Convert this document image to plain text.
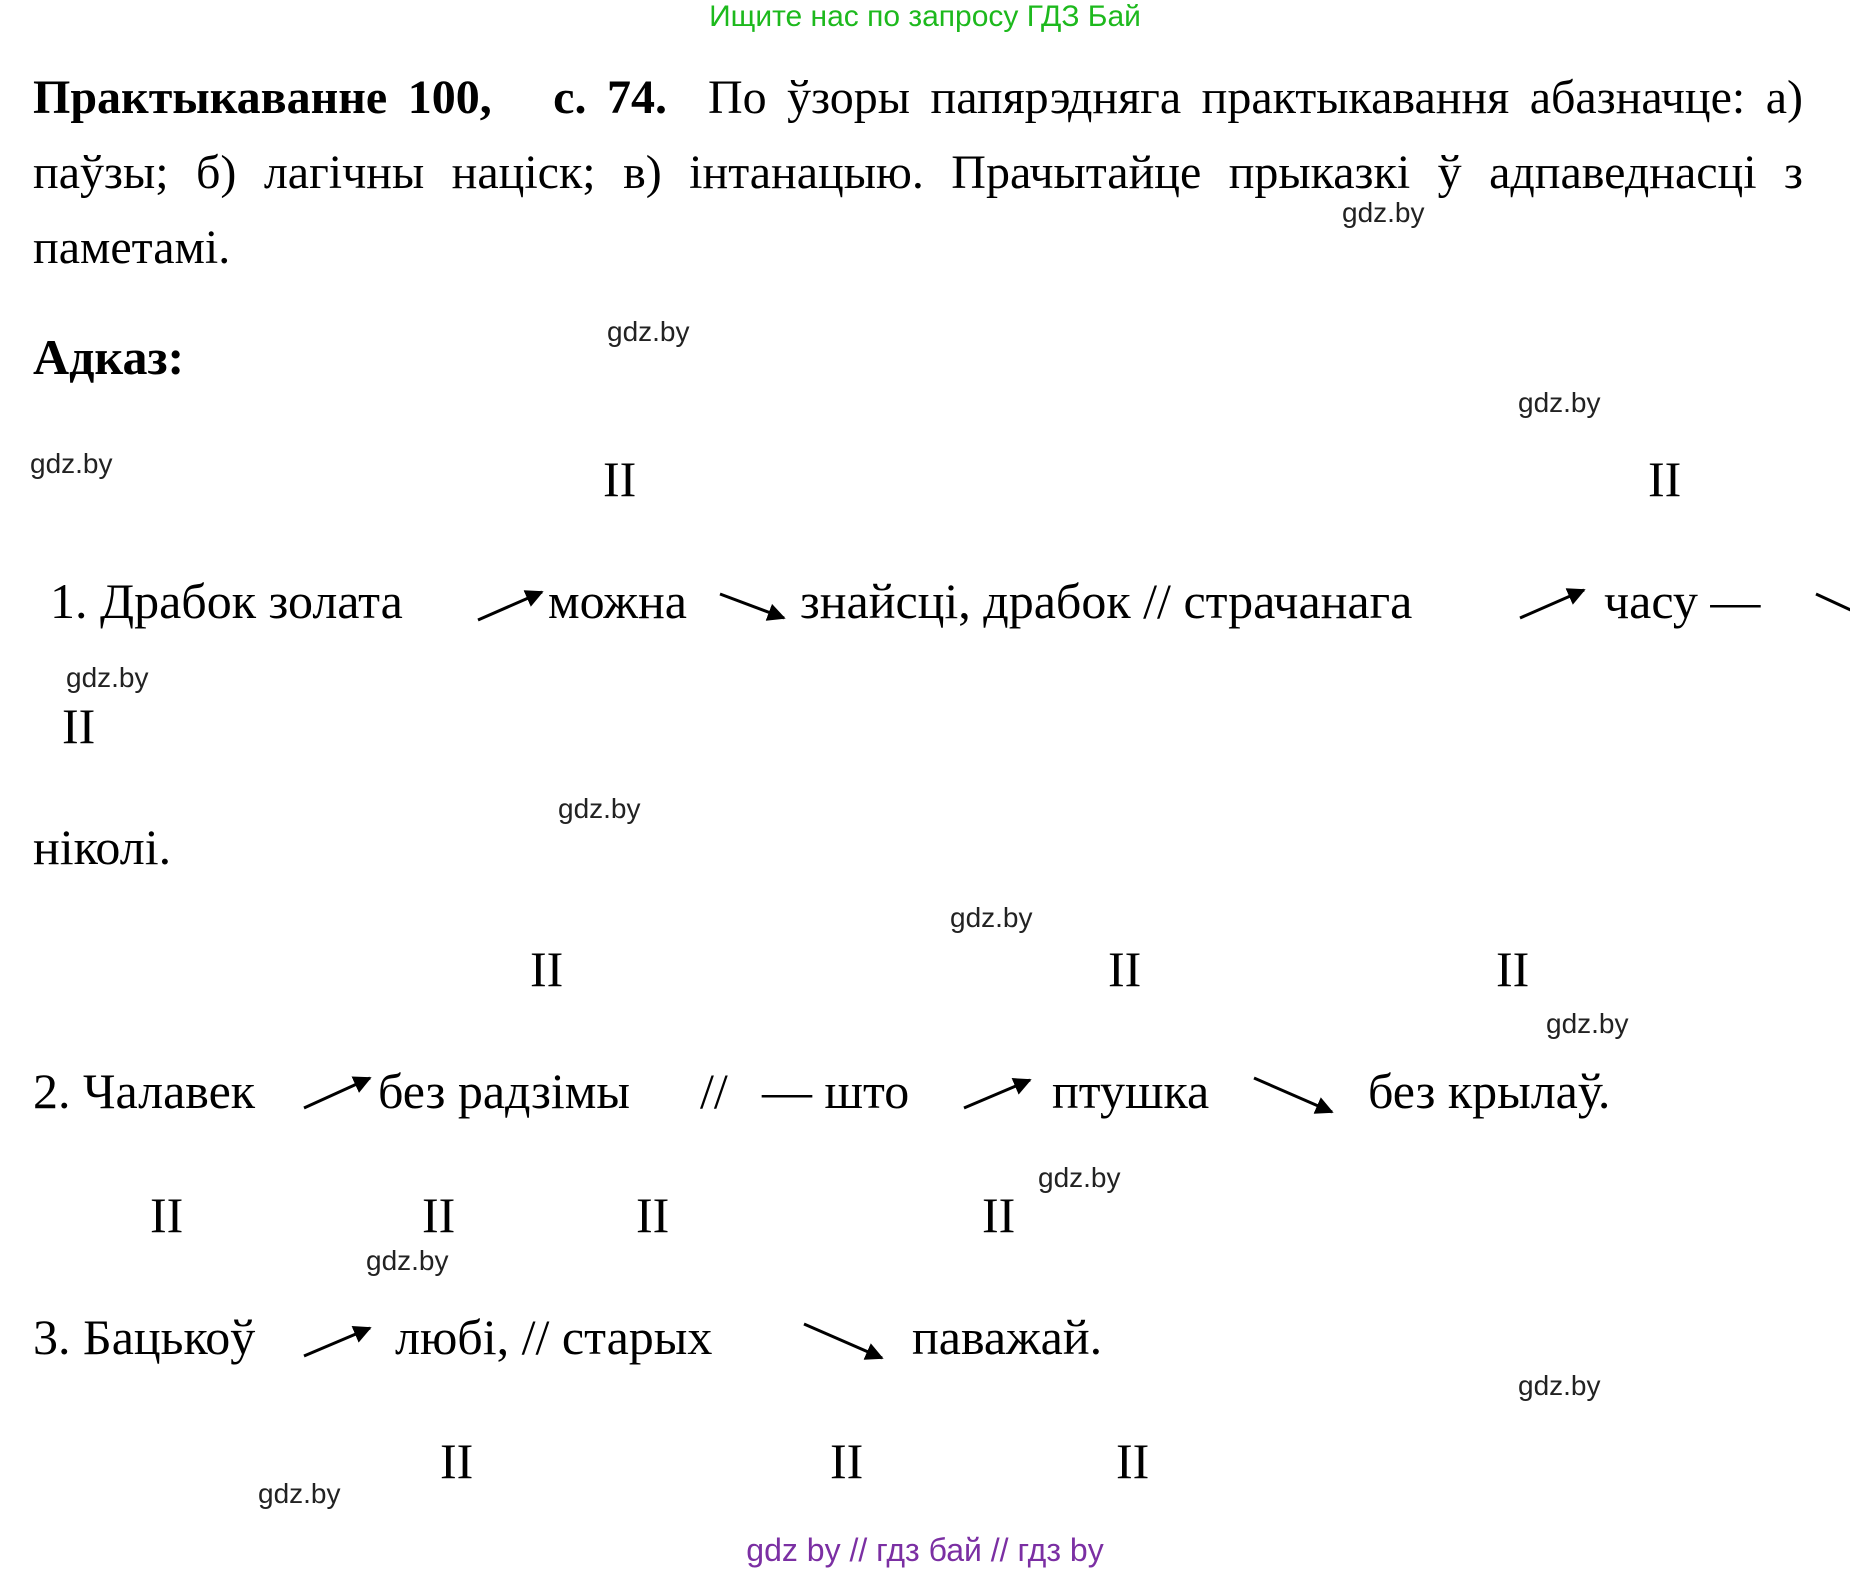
Ищите нас по запросу ГДЗ Бай
Практыкаванне 100, с. 74. По ўзоры папярэдняга практыкавання абазначце: а) паўзы; б) лагічны націск; в) інтанацыю. Прачытайце прыказкі ў адпаведнасці з паметамі.
Адказ:
gdz.by
gdz.by
gdz.by
gdz.by
gdz.by
gdz.by
gdz.by
gdz.by
gdz.by
gdz.by
gdz.by
gdz.by
II	II
II
1. Драбок золата	можна знайсці, драбок // страчанага	часу —
ніколі.
II	II	II
2. Чалавек без радзімы // — што	птушка	без крылаў.
II	II	II	II
3. Бацькоў	любі, // старых	паважай.
II	II	II
gdz by // гдз бай // гдз by
